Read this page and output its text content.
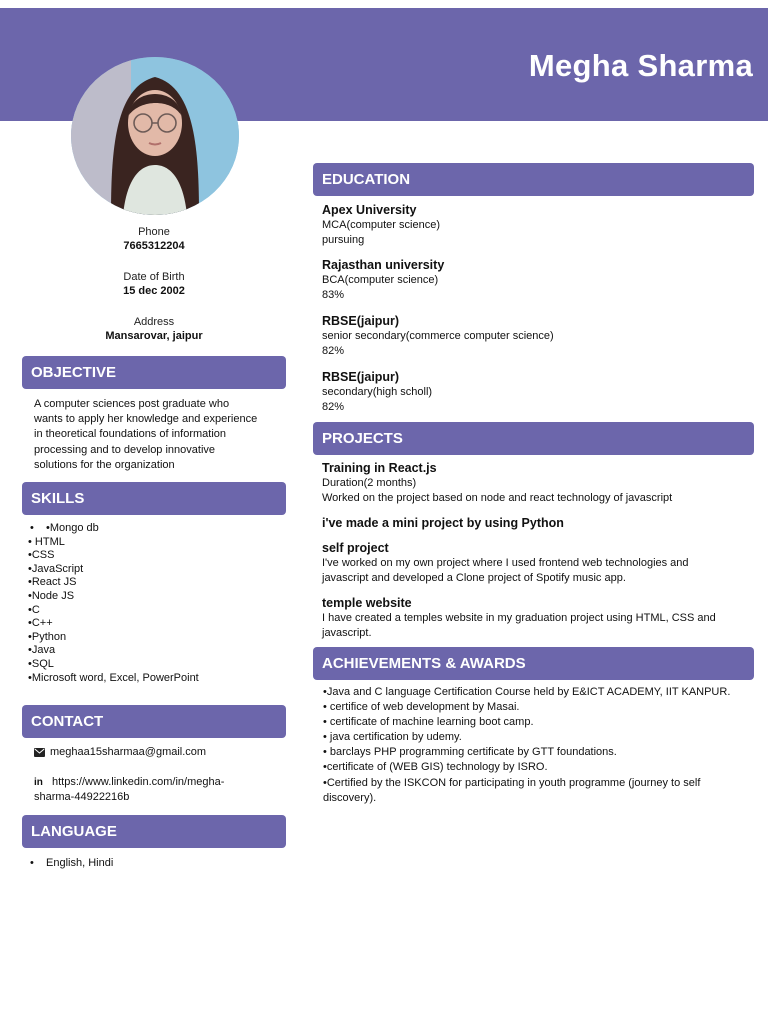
Megha Sharma
Phone
7665312204
Date of Birth
15 dec 2002
Address
Mansarovar, jaipur
OBJECTIVE
A computer sciences post graduate who
wants to apply her knowledge and experience
in theoretical foundations of information
processing and to develop innovative
solutions for the organization
SKILLS
• •Mongo db
• HTML
•CSS
•JavaScript
•React JS
•Node JS
•C
•C++
•Python
•Java
•SQL
•Microsoft word, Excel, PowerPoint
CONTACT
meghaa15sharmaa@gmail.com
in https://www.linkedin.com/in/megha-
sharma-44922216b
LANGUAGE
• English, Hindi
EDUCATION
Apex University
MCA(computer science)
pursuing
Rajasthan university
BCA(computer science)
83%
RBSE(jaipur)
senior secondary(commerce computer science)
82%
RBSE(jaipur)
secondary(high scholl)
82%
PROJECTS
Training in React.js
Duration(2 months)
Worked on the project based on node and react technology of javascript
i've made a mini project by using Python
self project
I've worked on my own project where I used frontend web technologies and
javascript and developed a Clone project of Spotify music app.
temple website
I have created a temples website in my graduation project using HTML, CSS and
javascript.
ACHIEVEMENTS & AWARDS
•Java and C language Certification Course held by E&ICT ACADEMY, IIT KANPUR.
• certifice of web development by Masai.
• certificate of machine learning boot camp.
• java certification by udemy.
• barclays PHP programming certificate by GTT foundations.
•certificate of (WEB GIS) technology by ISRO.
•Certified by the ISKCON for participating in youth programme (journey to self
discovery).
